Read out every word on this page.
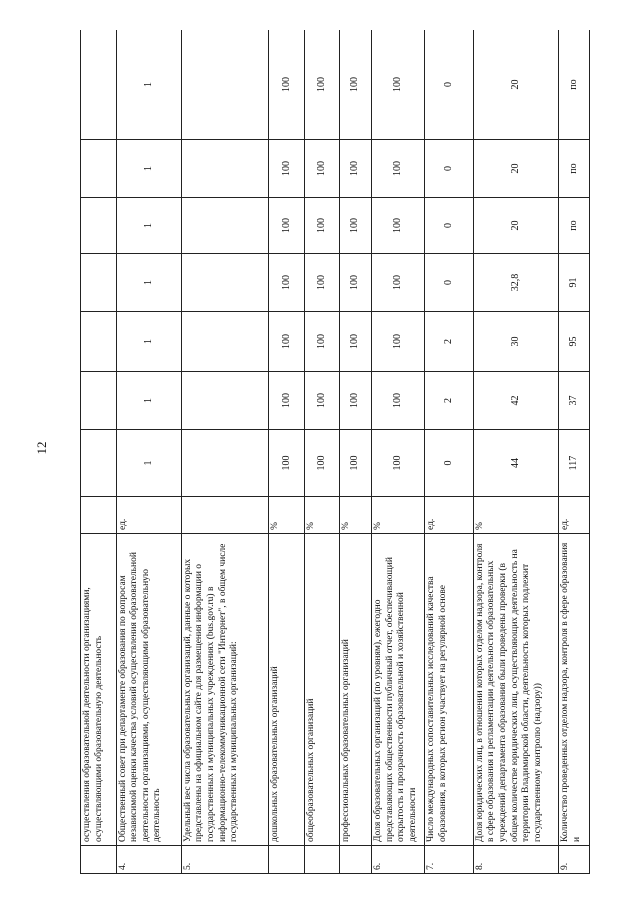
12
	осуществления образовательной деятельности организациями, осуществляющими образовательную деятельность								
4.	Общественный совет при департаменте образования по вопросам независимой оценки качества условий осуществления образовательной деятельности организациями, осуществляющими образовательную деятельность	ед.	1	1	1	1	1	1	1
5.	Удельный вес числа образовательных организаций, данные о которых представлены на официальном сайте для размещения информации о государственных и муниципальных учреждениях (bus.gov.ru) в информационно-телекоммуникационной сети "Интернет", в общем числе государственных и муниципальных организаций:								
	дошкольных образовательных организаций	%	100	100	100	100	100	100	100
	общеобразовательных организаций	%	100	100	100	100	100	100	100
	профессиональных образовательных организаций	%	100	100	100	100	100	100	100
6.	Доля образовательных организаций (по уровням), ежегодно представляющих общественности публичный отчет, обеспечивающий открытость и прозрачность образовательной и хозяйственной деятельности	%	100	100	100	100	100	100	100
7.	Число международных сопоставительных исследований качества образования, в которых регион участвует на регулярной основе	ед.	0	2	2	0	0	0	0
8.	Доля юридических лиц, в отношении которых отделом надзора, контроля в сфере образования и регламентации деятельности образовательных учреждений департамента образования были проведены проверки (в общем количестве юридических лиц, осуществляющих деятельность на территории Владимирской области, деятельность которых подлежит государственному контролю (надзору))	%	44	42	30	32,8	20	20	20
9.	Количество проведенных отделом надзора, контроля в сфере образования и	ед.	117	37	95	91	по	по	по
